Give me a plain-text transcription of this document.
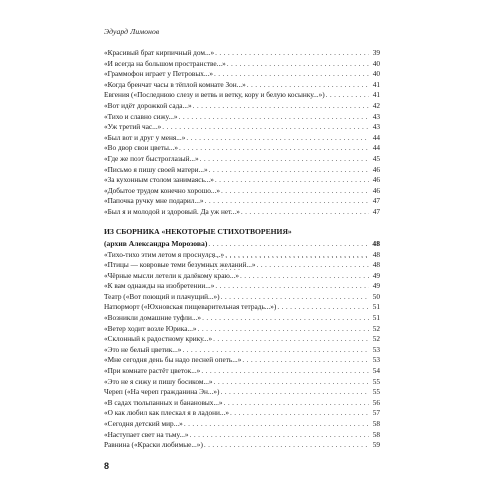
Эдуард Лимонов
«Красивый брат кирпичный дом...» . . .	39
«И всегда на большом пространстве...» . . .	40
«Граммофон играет у Петровых...» . . .	40
«Когда бренчат часы в тёплой комнате Зон...» . . .	41
Евгения («Последнюю слезу и ветвь и ветку, кору и белую косынку...») . . .	41
«Вот идёт дорожкой сада...» . . .	42
«Тихо и славно сижу...» . . .	43
«Уж третий час...» . . .	43
«Был вот и друг у меня...» . . .	44
«Во двор свои цветы...» . . .	44
«Где же поэт быстроглазый...» . . .	45
«Письмо я пишу своей матери...» . . .	46
«За кухонным столом занимаясь...» . . .	46
«Добытое трудом конечно хорошо...» . . .	46
«Папочка ручку мне подарил...» . . .	47
«Был я и молодой и здоровый. Да уж нет...» . . .	47
ИЗ СБОРНИКА «НЕКОТОРЫЕ СТИХОТВОРЕНИЯ»
(архив Александра Морозова) . . .	48
«Тихо-тихо этим летом я проснулся...» . . .	48
«Птицы — ковровые теми безумных желаний...» . . .	48
«Чёрные мысли летели к далёкому краю...» . . .	49
«К вам однажды на изобретении...» . . .	49
Театр («Вот поющий и плачущий...») . . .	50
Натюрморт («Юхновская пищеварительная тетрадь...») . . .	51
«Возникли домашние туфли...» . . .	51
«Ветер ходит возле Юрика...» . . .	52
«Склонный к радостному крику...» . . .	52
«Это не белый цветик...» . . .	53
«Мне сегодня день бы надо песней опеть...» . . .	53
«При комнате растёт цветок...» . . .	54
«Это не я сижу и пишу босиком...» . . .	55
Череп («На череп гражданина Эн...») . . .	55
«В садах тюльпанных и банановых...» . . .	56
«О как любил как плескал я в ладони...» . . .	57
«Сегодня детский мир...» . . .	58
«Наступает свет на тьму...» . . .	58
Равнина («Краски любимые...») . . .	59
8
